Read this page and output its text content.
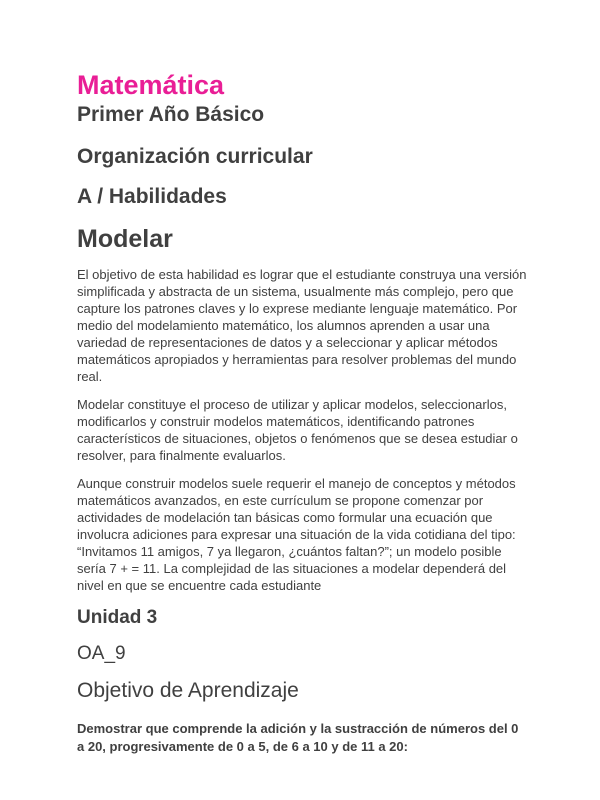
Matemática
Primer Año Básico
Organización curricular
A / Habilidades
Modelar

El objetivo de esta habilidad es lograr que el estudiante construya una versión simplificada y abstracta de un sistema, usualmente más complejo, pero que capture los patrones claves y lo exprese mediante lenguaje matemático. Por medio del modelamiento matemático, los alumnos aprenden a usar una variedad de representaciones de datos y a seleccionar y aplicar métodos matemáticos apropiados y herramientas para resolver problemas del mundo real.

Modelar constituye el proceso de utilizar y aplicar modelos, seleccionarlos, modificarlos y construir modelos matemáticos, identificando patrones característicos de situaciones, objetos o fenómenos que se desea estudiar o resolver, para finalmente evaluarlos.

Aunque construir modelos suele requerir el manejo de conceptos y métodos matemáticos avanzados, en este currículum se propone comenzar por actividades de modelación tan básicas como formular una ecuación que involucra adiciones para expresar una situación de la vida cotidiana del tipo: “Invitamos 11 amigos, 7 ya llegaron, ¿cuántos faltan?”; un modelo posible sería 7 + = 11. La complejidad de las situaciones a modelar dependerá del nivel en que se encuentre cada estudiante

Unidad 3
OA_9
Objetivo de Aprendizaje

Demostrar que comprende la adición y la sustracción de números del 0 a 20, progresivamente de 0 a 5, de 6 a 10 y de 11 a 20:
